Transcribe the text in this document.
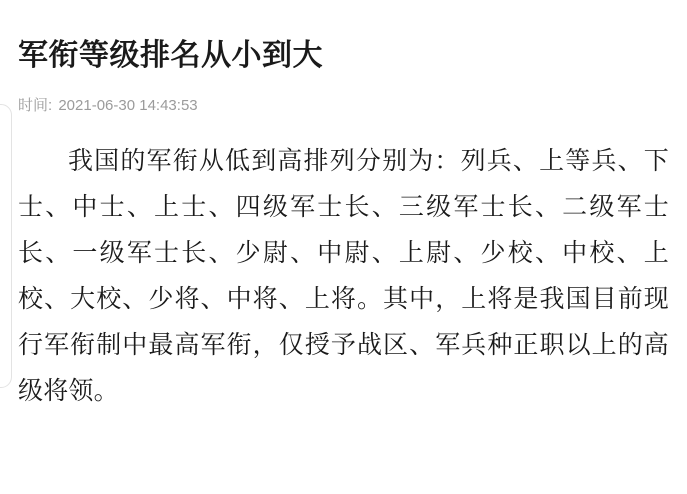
军衔等级排名从小到大
时间: 2021-06-30 14:43:53

我国的军衔从低到高排列分别为：列兵、上等兵、下士、中士、上士、四级军士长、三级军士长、二级军士长、一级军士长、少尉、中尉、上尉、少校、中校、上校、大校、少将、中将、上将。其中，上将是我国目前现行军衔制中最高军衔，仅授予战区、军兵种正职以上的高级将领。
